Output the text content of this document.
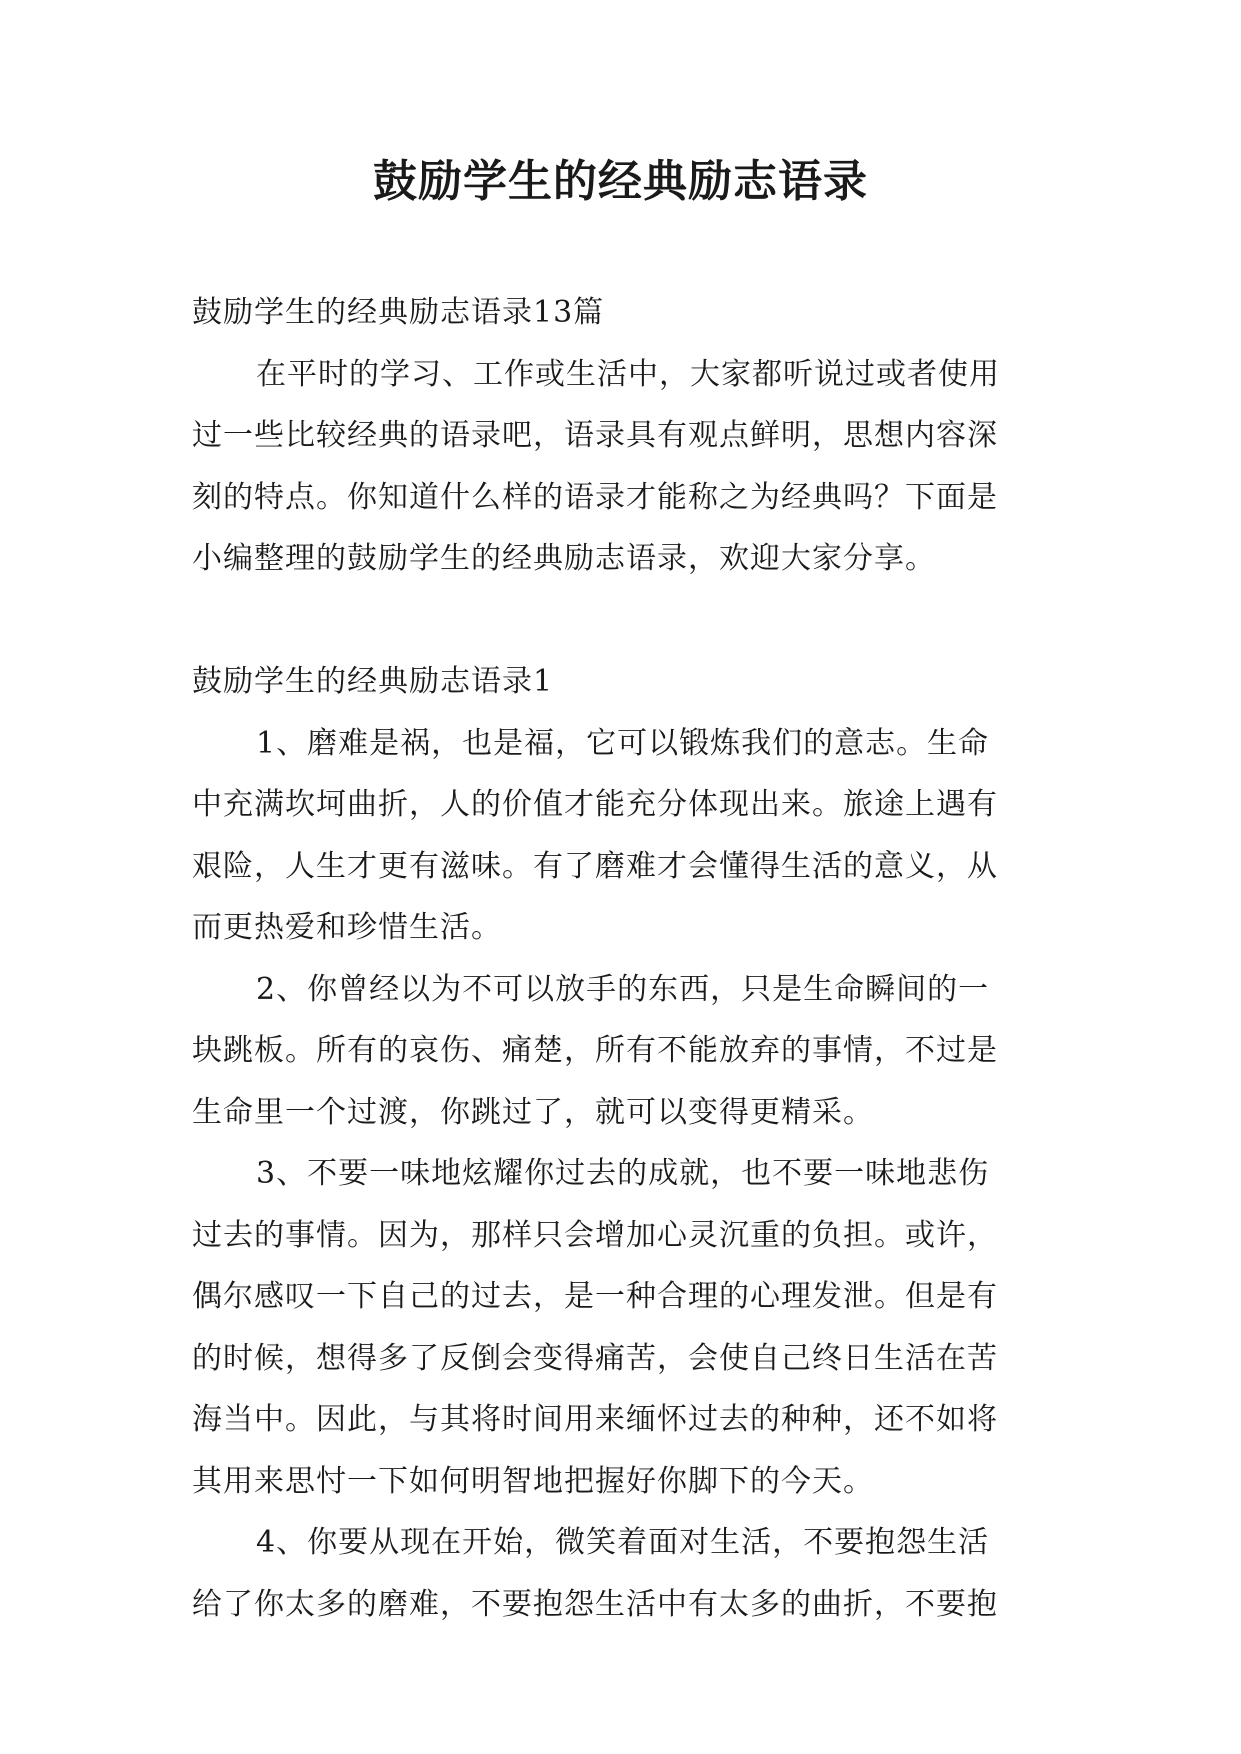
鼓励学生的经典励志语录
鼓励学生的经典励志语录13篇
在平时的学习、工作或生活中，大家都听说过或者使用
过一些比较经典的语录吧，语录具有观点鲜明，思想内容深
刻的特点。你知道什么样的语录才能称之为经典吗？下面是
小编整理的鼓励学生的经典励志语录，欢迎大家分享。
鼓励学生的经典励志语录1
1、磨难是祸，也是福，它可以锻炼我们的意志。生命
中充满坎坷曲折，人的价值才能充分体现出来。旅途上遇有
艰险，人生才更有滋味。有了磨难才会懂得生活的意义，从
而更热爱和珍惜生活。
2、你曾经以为不可以放手的东西，只是生命瞬间的一
块跳板。所有的哀伤、痛楚，所有不能放弃的事情，不过是
生命里一个过渡，你跳过了，就可以变得更精采。
3、不要一味地炫耀你过去的成就，也不要一味地悲伤
过去的事情。因为，那样只会增加心灵沉重的负担。或许，
偶尔感叹一下自己的过去，是一种合理的心理发泄。但是有
的时候，想得多了反倒会变得痛苦，会使自己终日生活在苦
海当中。因此，与其将时间用来缅怀过去的种种，还不如将
其用来思忖一下如何明智地把握好你脚下的今天。
4、你要从现在开始，微笑着面对生活，不要抱怨生活
给了你太多的磨难，不要抱怨生活中有太多的曲折，不要抱
